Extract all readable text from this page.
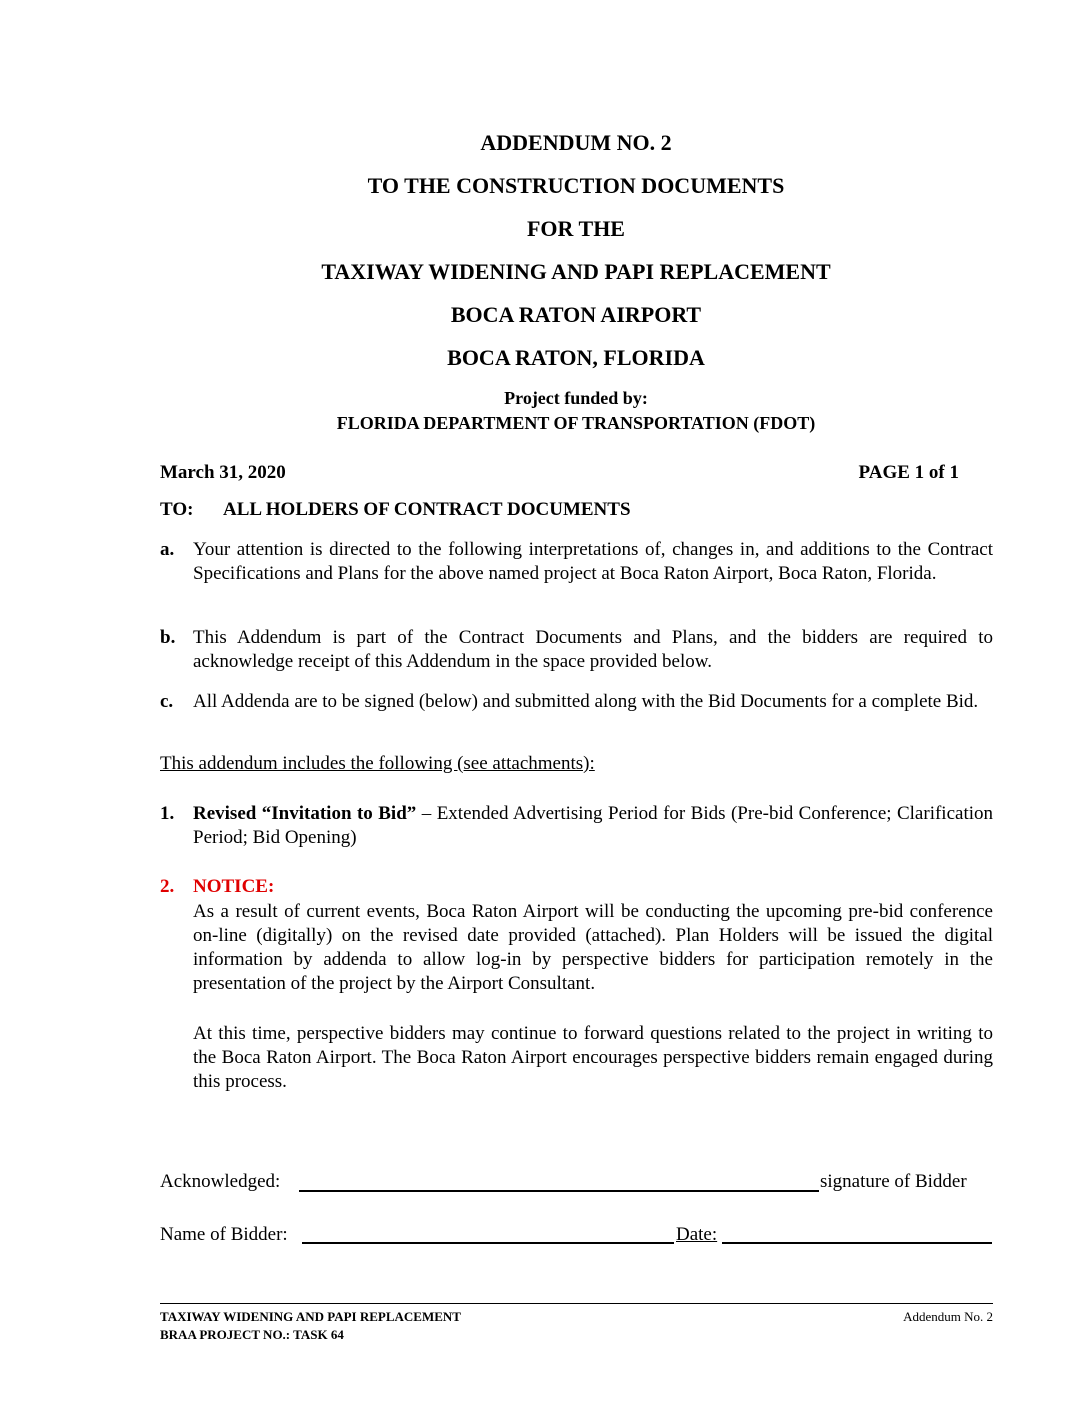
ADDENDUM NO. 2
TO THE CONSTRUCTION DOCUMENTS
FOR THE
TAXIWAY WIDENING AND PAPI REPLACEMENT
BOCA RATON AIRPORT
BOCA RATON, FLORIDA
Project funded by:
FLORIDA DEPARTMENT OF TRANSPORTATION (FDOT)
March 31, 2020	PAGE 1 of 1
TO: ALL HOLDERS OF CONTRACT DOCUMENTS
a. Your attention is directed to the following interpretations of, changes in, and additions to the Contract Specifications and Plans for the above named project at Boca Raton Airport, Boca Raton, Florida.
b. This Addendum is part of the Contract Documents and Plans, and the bidders are required to acknowledge receipt of this Addendum in the space provided below.
c. All Addenda are to be signed (below) and submitted along with the Bid Documents for a complete Bid.
This addendum includes the following (see attachments):
1. Revised “Invitation to Bid” – Extended Advertising Period for Bids (Pre-bid Conference; Clarification Period; Bid Opening)
2. NOTICE:
As a result of current events, Boca Raton Airport will be conducting the upcoming pre-bid conference on-line (digitally) on the revised date provided (attached). Plan Holders will be issued the digital information by addenda to allow log-in by perspective bidders for participation remotely in the presentation of the project by the Airport Consultant.
At this time, perspective bidders may continue to forward questions related to the project in writing to the Boca Raton Airport. The Boca Raton Airport encourages perspective bidders remain engaged during this process.
Acknowledged:	signature of Bidder
Name of Bidder:	Date:
TAXIWAY WIDENING AND PAPI REPLACEMENT
BRAA PROJECT NO.: TASK 64
Addendum No. 2
